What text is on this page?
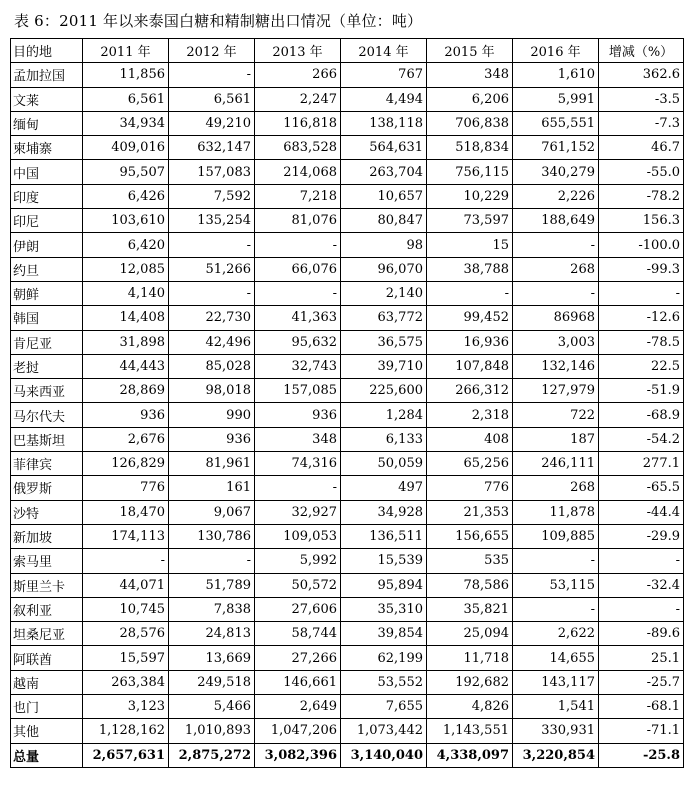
表 6：2011 年以来泰国白糖和精制糖出口情况（单位：吨）
目的地	2011 年	2012 年	2013 年	2014 年	2015 年	2016 年	增减（%）
孟加拉国	11,856	-	266	767	348	1,610	362.6
文莱	6,561	6,561	2,247	4,494	6,206	5,991	-3.5
缅甸	34,934	49,210	116,818	138,118	706,838	655,551	-7.3
柬埔寨	409,016	632,147	683,528	564,631	518,834	761,152	46.7
中国	95,507	157,083	214,068	263,704	756,115	340,279	-55.0
印度	6,426	7,592	7,218	10,657	10,229	2,226	-78.2
印尼	103,610	135,254	81,076	80,847	73,597	188,649	156.3
伊朗	6,420	-	-	98	15	-	-100.0
约旦	12,085	51,266	66,076	96,070	38,788	268	-99.3
朝鲜	4,140	-	-	2,140	-	-	-
韩国	14,408	22,730	41,363	63,772	99,452	86968	-12.6
肯尼亚	31,898	42,496	95,632	36,575	16,936	3,003	-78.5
老挝	44,443	85,028	32,743	39,710	107,848	132,146	22.5
马来西亚	28,869	98,018	157,085	225,600	266,312	127,979	-51.9
马尔代夫	936	990	936	1,284	2,318	722	-68.9
巴基斯坦	2,676	936	348	6,133	408	187	-54.2
菲律宾	126,829	81,961	74,316	50,059	65,256	246,111	277.1
俄罗斯	776	161	-	497	776	268	-65.5
沙特	18,470	9,067	32,927	34,928	21,353	11,878	-44.4
新加坡	174,113	130,786	109,053	136,511	156,655	109,885	-29.9
索马里	-	-	5,992	15,539	535	-	-
斯里兰卡	44,071	51,789	50,572	95,894	78,586	53,115	-32.4
叙利亚	10,745	7,838	27,606	35,310	35,821	-	-
坦桑尼亚	28,576	24,813	58,744	39,854	25,094	2,622	-89.6
阿联酋	15,597	13,669	27,266	62,199	11,718	14,655	25.1
越南	263,384	249,518	146,661	53,552	192,682	143,117	-25.7
也门	3,123	5,466	2,649	7,655	4,826	1,541	-68.1
其他	1,128,162	1,010,893	1,047,206	1,073,442	1,143,551	330,931	-71.1
总量	2,657,631	2,875,272	3,082,396	3,140,040	4,338,097	3,220,854	-25.8
